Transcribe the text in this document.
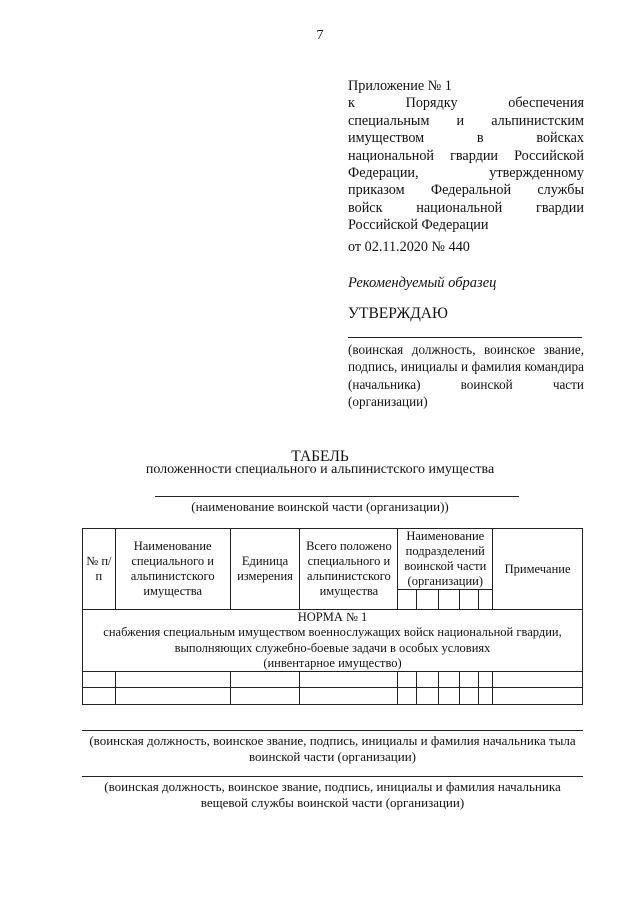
7
Приложение № 1
к Порядку обеспечения
специальным и альпинистским
имуществом в войсках
национальной гвардии Российской
Федерации, утвержденному
приказом Федеральной службы
войск национальной гвардии
Российской Федерации
от 02.11.2020 № 440
Рекомендуемый образец
УТВЕРЖДАЮ
(воинская должность, воинское звание,
подпись, инициалы и фамилия командира
(начальника) воинской части
(организации)
ТАБЕЛЬ
положенности специального и альпинистского имущества
(наименование воинской части (организации))
№ п/п	Наименование специального и альпинистского имущества	Единица измерения	Всего положено специального и альпинистского имущества	Наименование подразделений воинской части (организации)					Примечание

НОРМА № 1
снабжения специальным имуществом военнослужащих войск национальной гвардии,
выполняющих служебно-боевые задачи в особых условиях
(инвентарное имущество)									

(воинская должность, воинское звание, подпись, инициалы и фамилия начальника тыла воинской части (организации)
(воинская должность, воинское звание, подпись, инициалы и фамилия начальника вещевой службы воинской части (организации)
